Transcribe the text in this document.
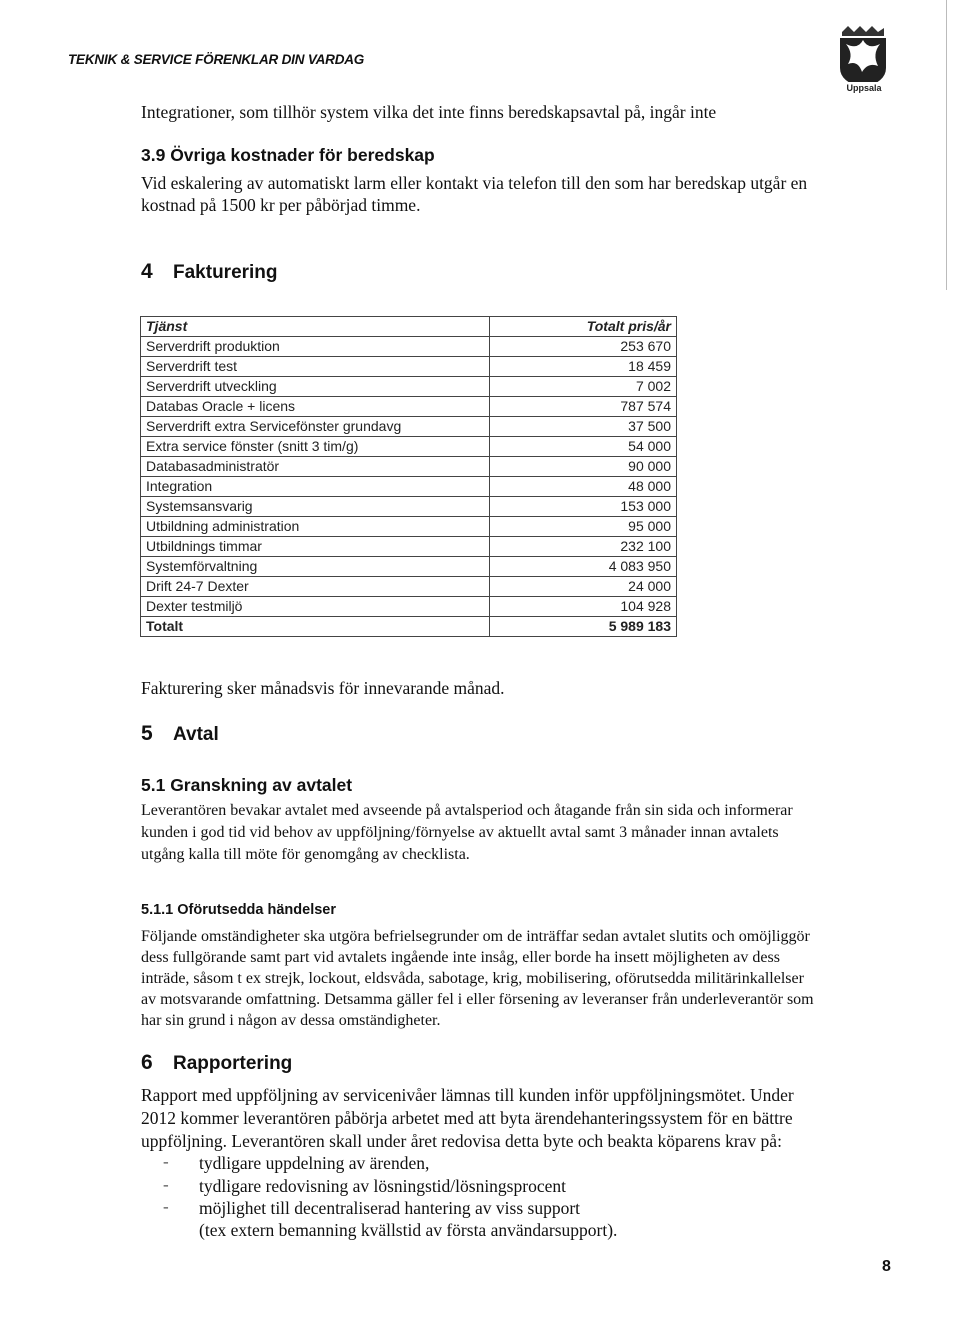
TEKNIK & SERVICE FÖRENKLAR DIN VARDAG
Uppsala
Integrationer, som tillhör system vilka det inte finns beredskapsavtal på, ingår inte
3.9 Övriga kostnader för beredskap
Vid eskalering av automatiskt larm eller kontakt via telefon till den som har beredskap utgår en
kostnad på 1500 kr per påbörjad timme.
4 Fakturering
Tjänst	Totalt pris/år
Serverdrift produktion	253 670
Serverdrift test	18 459
Serverdrift utveckling	7 002
Databas Oracle + licens	787 574
Serverdrift extra Servicefönster grundavg	37 500
Extra service fönster (snitt 3 tim/g)	54 000
Databasadministratör	90 000
Integration	48 000
Systemsansvarig	153 000
Utbildning administration	95 000
Utbildnings timmar	232 100
Systemförvaltning	4 083 950
Drift 24-7 Dexter	24 000
Dexter testmiljö	104 928
Totalt	5 989 183
Fakturering sker månadsvis för innevarande månad.
5 Avtal
5.1 Granskning av avtalet
Leverantören bevakar avtalet med avseende på avtalsperiod och åtagande från sin sida och informerar
kunden i god tid vid behov av uppföljning/förnyelse av aktuellt avtal samt 3 månader innan avtalets
utgång kalla till möte för genomgång av checklista.
5.1.1 Oförutsedda händelser
Följande omständigheter ska utgöra befrielsegrunder om de inträffar sedan avtalet slutits och omöjliggör
dess fullgörande samt part vid avtalets ingående inte insåg, eller borde ha insett möjligheten av dess
inträde, såsom t ex strejk, lockout, eldsvåda, sabotage, krig, mobilisering, oförutsedda militärinkallelser
av motsvarande omfattning. Detsamma gäller fel i eller försening av leveranser från underleverantör som
har sin grund i någon av dessa omständigheter.
6 Rapportering
Rapport med uppföljning av servicenivåer lämnas till kunden inför uppföljningsmötet. Under
2012 kommer leverantören påbörja arbetet med att byta ärendehanteringssystem för en bättre
uppföljning. Leverantören skall under året redovisa detta byte och beakta köparens krav på:
- tydligare uppdelning av ärenden,
- tydligare redovisning av lösningstid/lösningsprocent
- möjlighet till decentraliserad hantering av viss support
(tex extern bemanning kvällstid av första användarsupport).
8
